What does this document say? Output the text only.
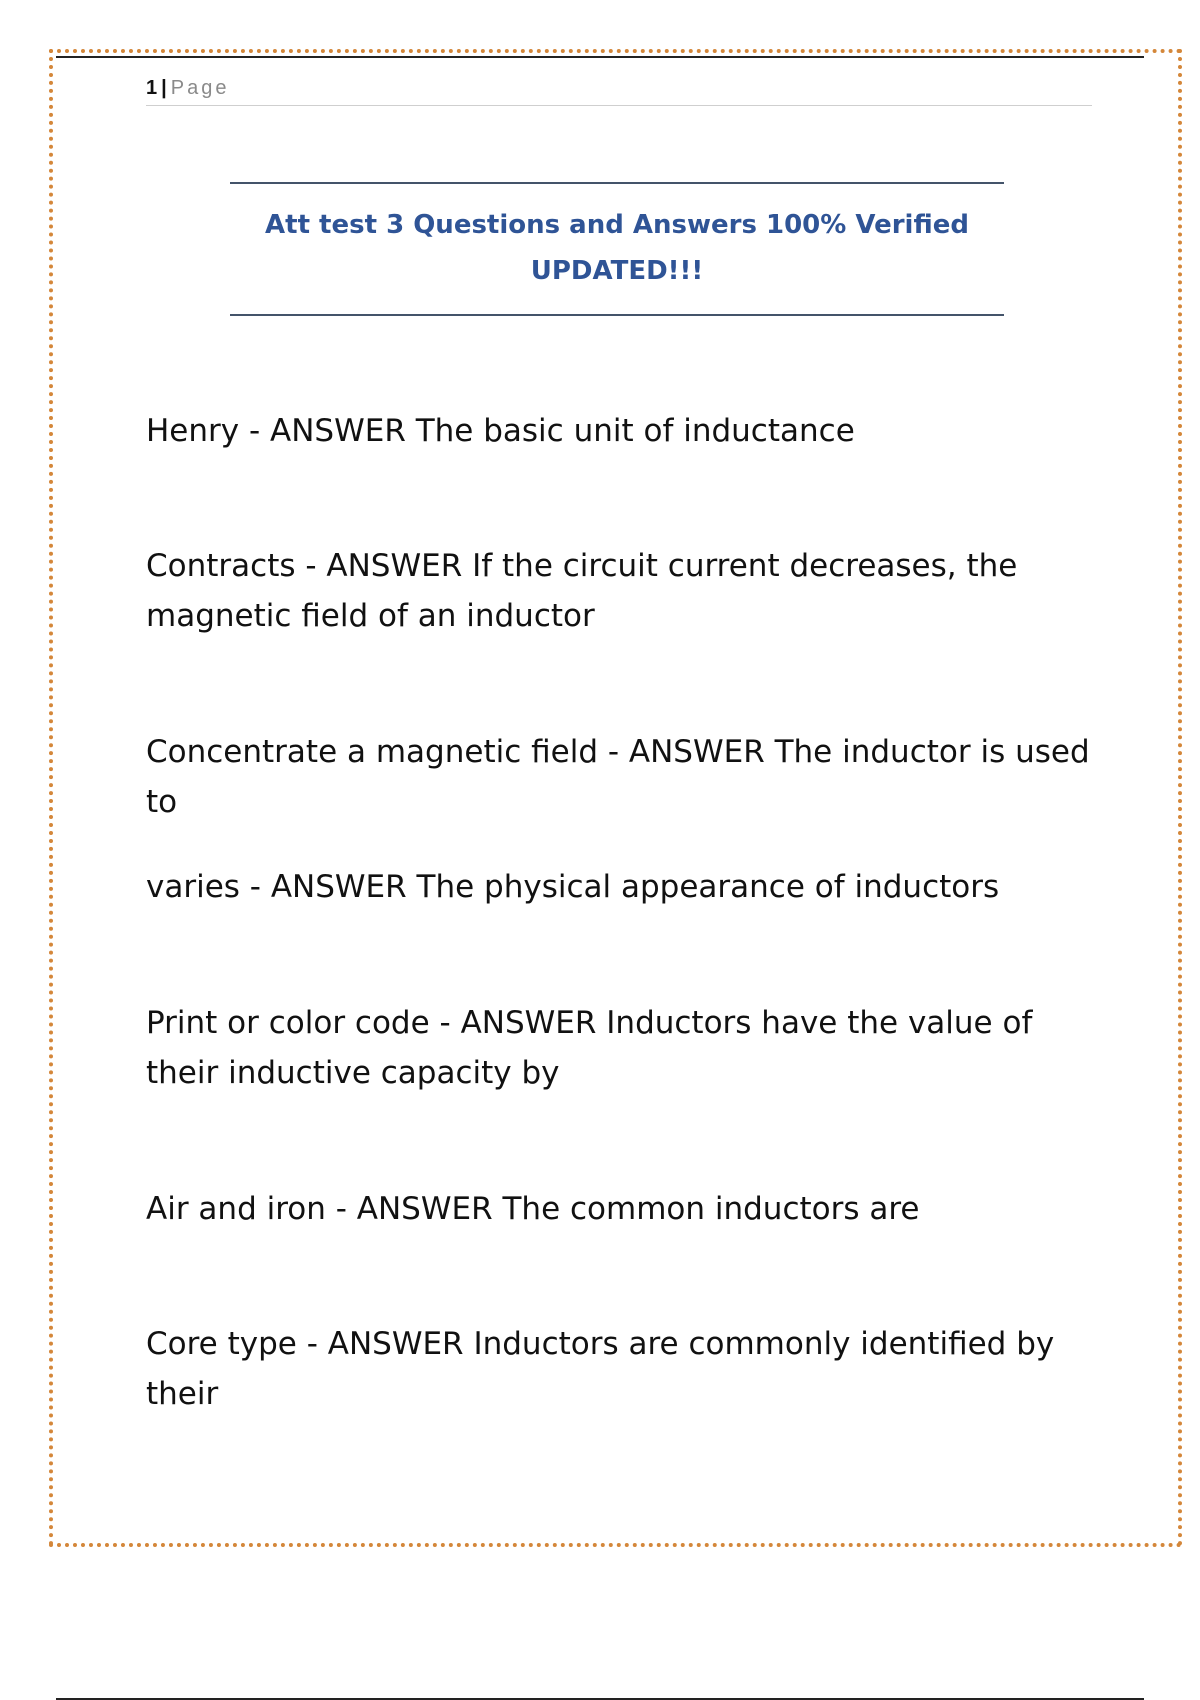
1 | Page
Att test 3 Questions and Answers 100% Verified UPDATED!!!

Henry - ANSWER The basic unit of inductance

Contracts - ANSWER If the circuit current decreases, the magnetic field of an inductor

Concentrate a magnetic field - ANSWER The inductor is used to

varies - ANSWER The physical appearance of inductors

Print or color code - ANSWER Inductors have the value of their inductive capacity by

Air and iron - ANSWER The common inductors are

Core type - ANSWER Inductors are commonly identified by their
